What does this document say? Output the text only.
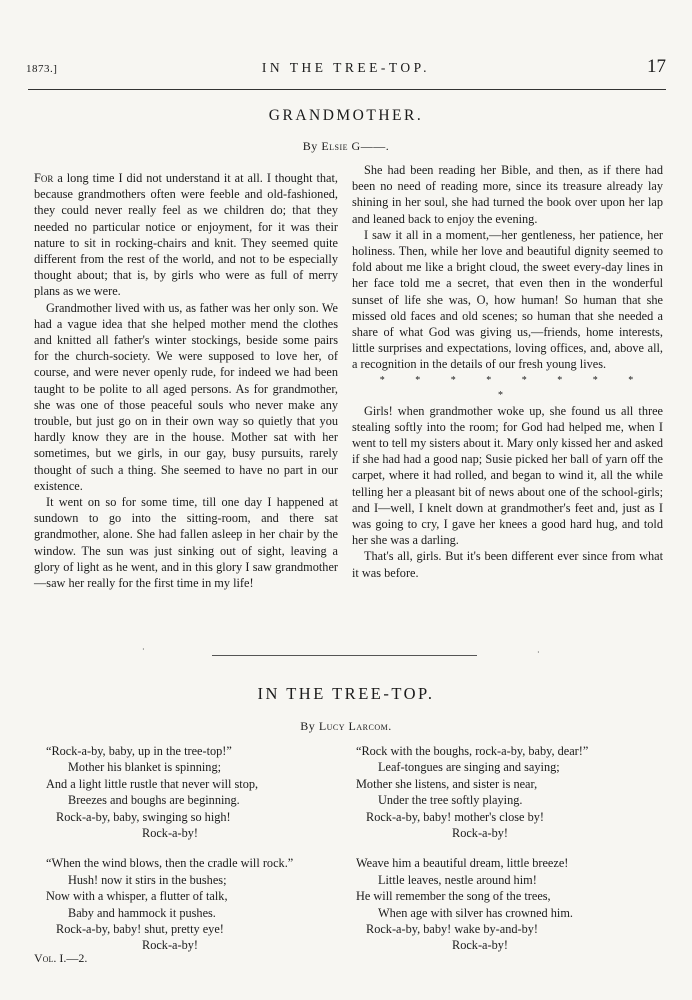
1873.]	IN THE TREE-TOP.	17
GRANDMOTHER.
By Elsie G——.

For a long time I did not understand it at all. I thought that, because grandmothers often were feeble and old-fashioned, they could never really feel as we children do; that they needed no particular notice or enjoyment, for it was their nature to sit in rocking-chairs and knit. They seemed quite different from the rest of the world, and not to be especially thought about; that is, by girls who were as full of merry plans as we were.

Grandmother lived with us, as father was her only son. We had a vague idea that she helped mother mend the clothes and knitted all father's winter stockings, beside some pairs for the church-society. We were supposed to love her, of course, and were never openly rude, for indeed we had been taught to be polite to all aged persons. As for grandmother, she was one of those peaceful souls who never make any trouble, but just go on in their own way so quietly that you hardly know they are in the house. Mother sat with her sometimes, but we girls, in our gay, busy pursuits, rarely thought of such a thing. She seemed to have no part in our existence.

It went on so for some time, till one day I happened at sundown to go into the sitting-room, and there sat grandmother, alone. She had fallen asleep in her chair by the window. The sun was just sinking out of sight, leaving a glory of light as he went, and in this glory I saw grandmother—saw her really for the first time in my life!

She had been reading her Bible, and then, as if there had been no need of reading more, since its treasure already lay shining in her soul, she had turned the book over upon her lap and leaned back to enjoy the evening.

I saw it all in a moment,—her gentleness, her patience, her holiness. Then, while her love and beautiful dignity seemed to fold about me like a bright cloud, the sweet every-day lines in her face told me a secret, that even then in the wonderful sunset of life she was, O, how human! So human that she missed old faces and old scenes; so human that she needed a share of what God was giving us,—friends, home interests, little surprises and expectations, loving offices, and, above all, a recognition in the details of our fresh young lives.

* * * * * * * * *

Girls! when grandmother woke up, she found us all three stealing softly into the room; for God had helped me, when I went to tell my sisters about it. Mary only kissed her and asked if she had had a good nap; Susie picked her ball of yarn off the carpet, where it had rolled, and began to wind it, all the while telling her a pleasant bit of news about one of the school-girls; and I—well, I knelt down at grandmother's feet and, just as I was going to cry, I gave her knees a good hard hug, and told her she was a darling.

That's all, girls. But it's been different ever since from what it was before.

·	·
IN THE TREE-TOP.
By Lucy Larcom.
“Rock-a-by, baby, up in the tree-top!”
Mother his blanket is spinning;
And a light little rustle that never will stop,
Breezes and boughs are beginning.
Rock-a-by, baby, swinging so high!
Rock-a-by!
“When the wind blows, then the cradle will rock.”
Hush! now it stirs in the bushes;
Now with a whisper, a flutter of talk,
Baby and hammock it pushes.
Rock-a-by, baby! shut, pretty eye!
Rock-a-by!
“Rock with the boughs, rock-a-by, baby, dear!”
Leaf-tongues are singing and saying;
Mother she listens, and sister is near,
Under the tree softly playing.
Rock-a-by, baby! mother's close by!
Rock-a-by!
Weave him a beautiful dream, little breeze!
Little leaves, nestle around him!
He will remember the song of the trees,
When age with silver has crowned him.
Rock-a-by, baby! wake by-and-by!
Rock-a-by!
Vol. I.—2.
